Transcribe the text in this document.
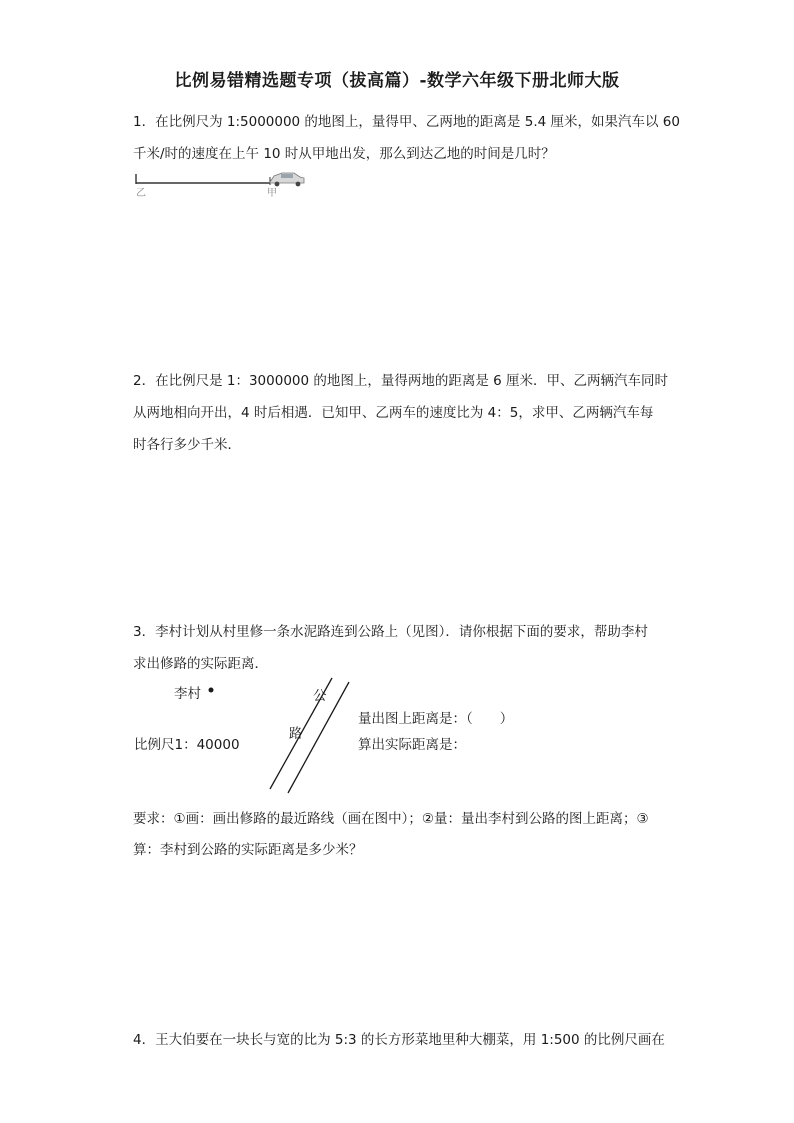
比例易错精选题专项（拔高篇）-数学六年级下册北师大版
1．在比例尺为 1:5000000 的地图上，量得甲、乙两地的距离是 5.4 厘米，如果汽车以 60
千米/时的速度在上午 10 时从甲地出发，那么到达乙地的时间是几时？
乙	甲
2．在比例尺是 1：3000000 的地图上，量得两地的距离是 6 厘米．甲、乙两辆汽车同时
从两地相向开出，4 时后相遇．已知甲、乙两车的速度比为 4：5，求甲、乙两辆汽车每
时各行多少千米．
3．李村计划从村里修一条水泥路连到公路上（见图）．请你根据下面的要求，帮助李村
求出修路的实际距离．
李村
比例尺1：40000
公
路
量出图上距离是：（　　）
算出实际距离是：
要求：①画：画出修路的最近路线（画在图中）；②量：量出李村到公路的图上距离；③
算：李村到公路的实际距离是多少米？
4．王大伯要在一块长与宽的比为 5:3 的长方形菜地里种大棚菜，用 1:500 的比例尺画在
